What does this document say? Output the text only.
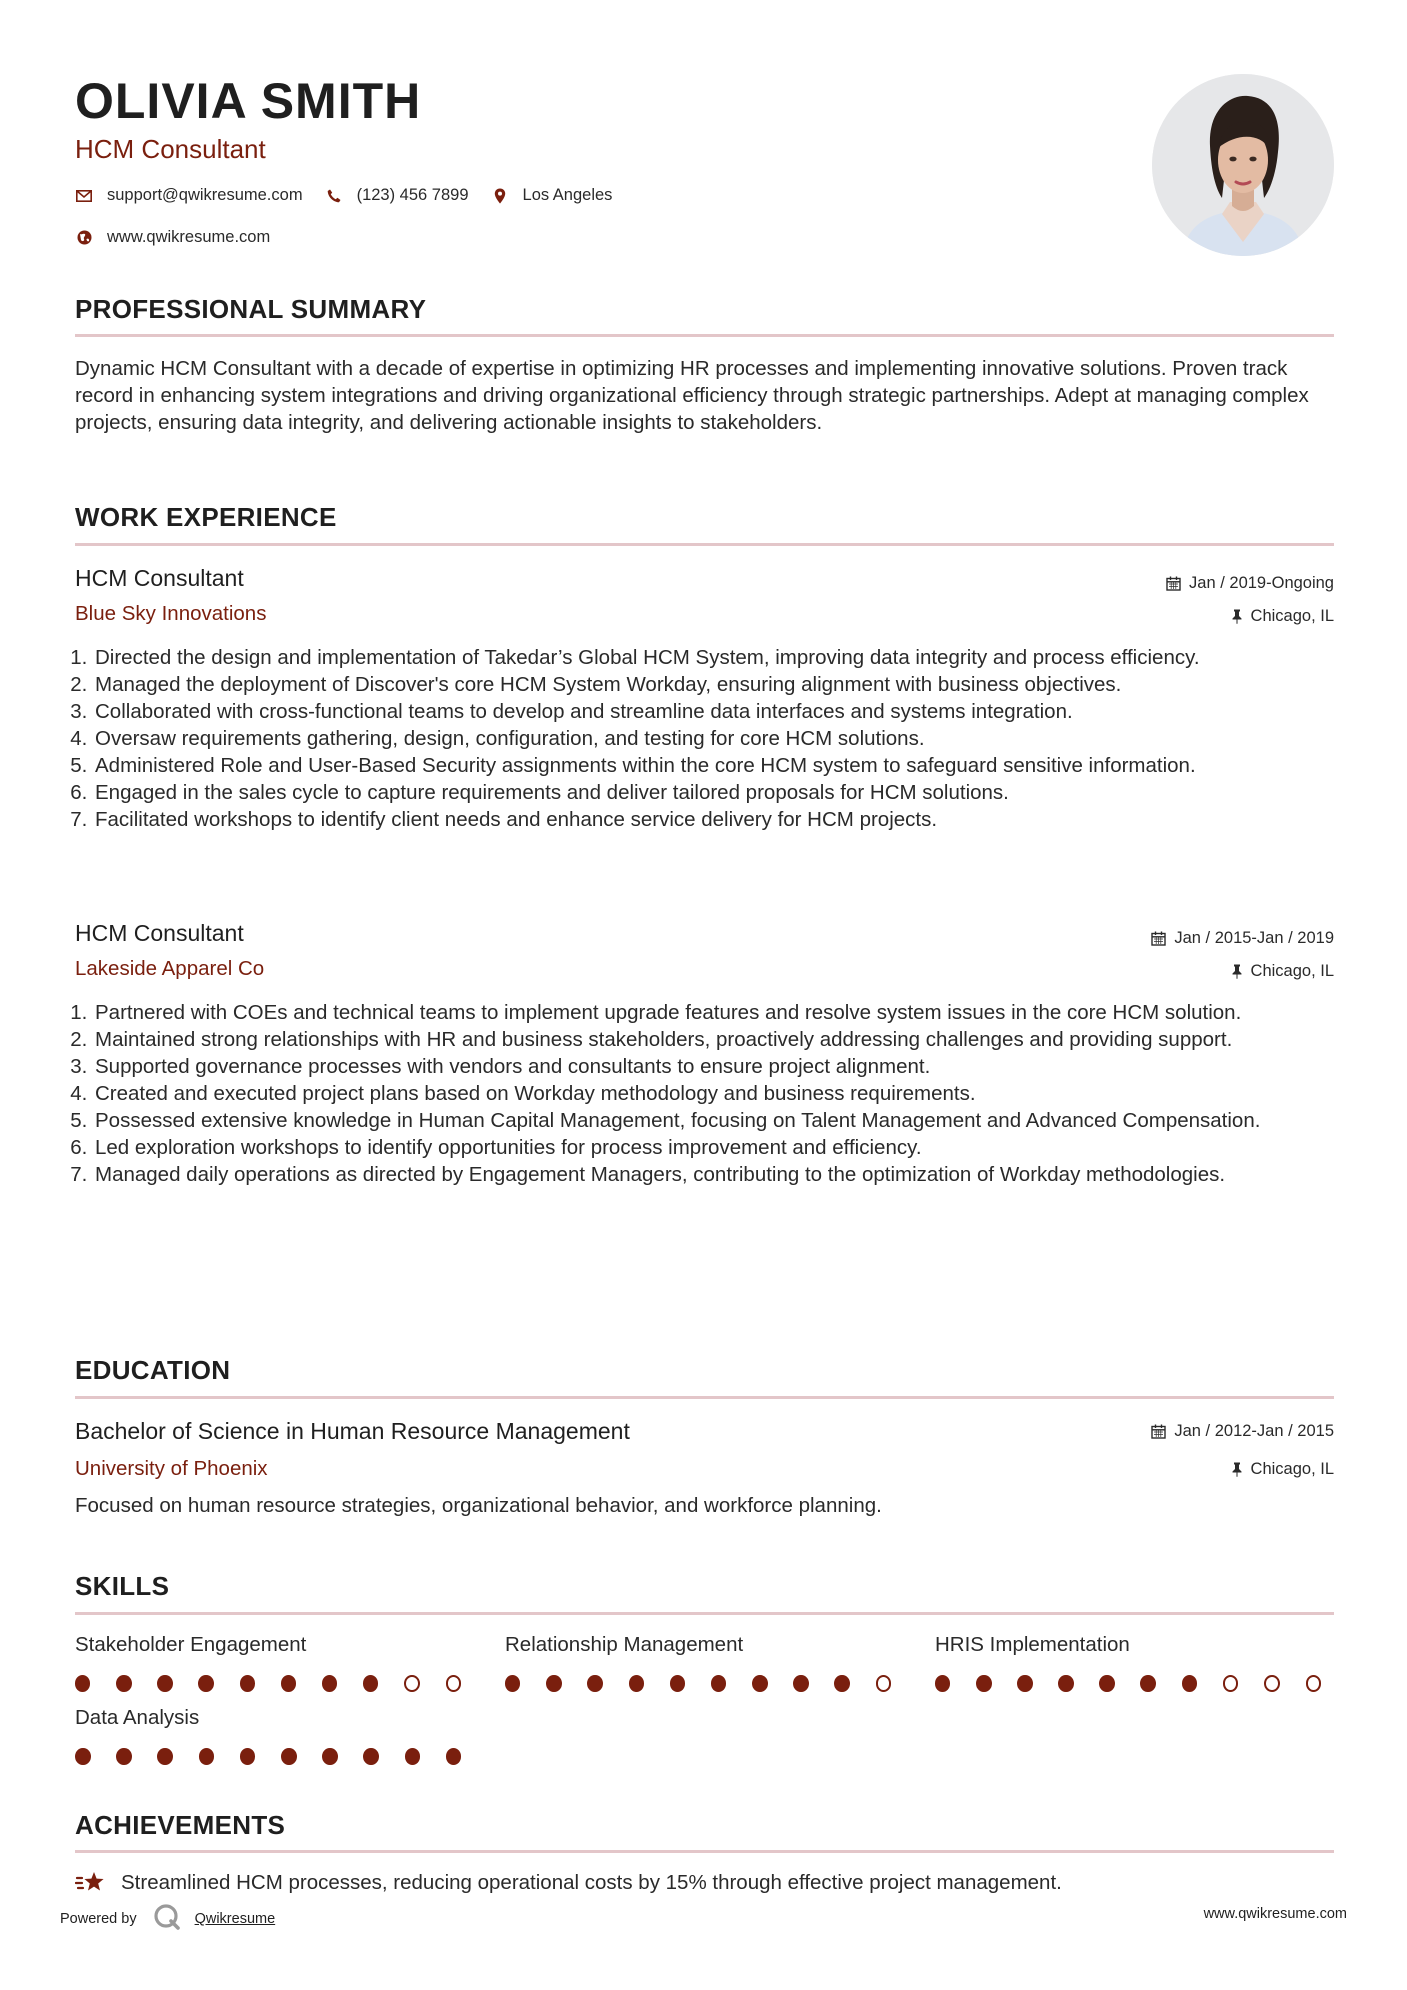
OLIVIA SMITH
HCM Consultant
support@qwikresume.com	(123) 456 7899	Los Angeles
www.qwikresume.com
PROFESSIONAL SUMMARY

Dynamic HCM Consultant with a decade of expertise in optimizing HR processes and implementing innovative solutions. Proven track record in enhancing system integrations and driving organizational efficiency through strategic partnerships. Adept at managing complex projects, ensuring data integrity, and delivering actionable insights to stakeholders.

WORK EXPERIENCE
HCM Consultant	Jan / 2019-Ongoing
Blue Sky Innovations	Chicago, IL
1. Directed the design and implementation of Takedar’s Global HCM System, improving data integrity and process efficiency.
2. Managed the deployment of Discover's core HCM System Workday, ensuring alignment with business objectives.
3. Collaborated with cross-functional teams to develop and streamline data interfaces and systems integration.
4. Oversaw requirements gathering, design, configuration, and testing for core HCM solutions.
5. Administered Role and User-Based Security assignments within the core HCM system to safeguard sensitive information.
6. Engaged in the sales cycle to capture requirements and deliver tailored proposals for HCM solutions.
7. Facilitated workshops to identify client needs and enhance service delivery for HCM projects.
HCM Consultant	Jan / 2015-Jan / 2019
Lakeside Apparel Co	Chicago, IL
1. Partnered with COEs and technical teams to implement upgrade features and resolve system issues in the core HCM solution.
2. Maintained strong relationships with HR and business stakeholders, proactively addressing challenges and providing support.
3. Supported governance processes with vendors and consultants to ensure project alignment.
4. Created and executed project plans based on Workday methodology and business requirements.
5. Possessed extensive knowledge in Human Capital Management, focusing on Talent Management and Advanced Compensation.
6. Led exploration workshops to identify opportunities for process improvement and efficiency.
7. Managed daily operations as directed by Engagement Managers, contributing to the optimization of Workday methodologies.
EDUCATION
Bachelor of Science in Human Resource Management	Jan / 2012-Jan / 2015
University of Phoenix	Chicago, IL

Focused on human resource strategies, organizational behavior, and workforce planning.

SKILLS
Stakeholder Engagement	Relationship Management	HRIS Implementation
Data Analysis
ACHIEVEMENTS
Streamlined HCM processes, reducing operational costs by 15% through effective project management.
Powered by	Qwikresume	www.qwikresume.com
